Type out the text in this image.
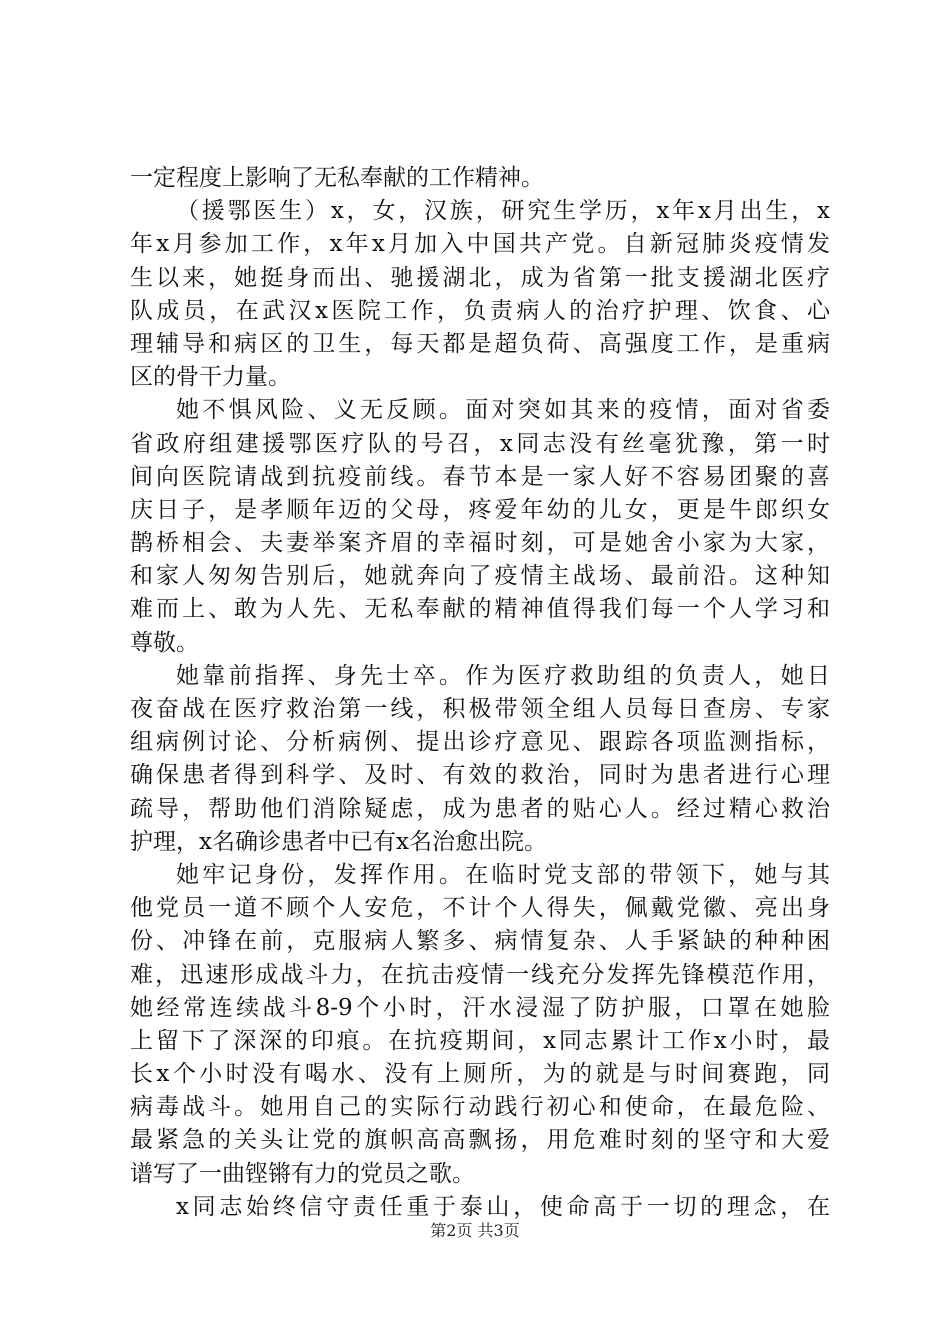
一定程度上影响了无私奉献的工作精神。
（援鄂医生）x，女，汉族，研究生学历，x年x月出生，x
年x月参加工作，x年x月加入中国共产党。自新冠肺炎疫情发
生以来，她挺身而出、驰援湖北，成为省第一批支援湖北医疗
队成员，在武汉x医院工作，负责病人的治疗护理、饮食、心
理辅导和病区的卫生，每天都是超负荷、高强度工作，是重病
区的骨干力量。
她不惧风险、义无反顾。面对突如其来的疫情，面对省委
省政府组建援鄂医疗队的号召，x同志没有丝毫犹豫，第一时
间向医院请战到抗疫前线。春节本是一家人好不容易团聚的喜
庆日子，是孝顺年迈的父母，疼爱年幼的儿女，更是牛郎织女
鹊桥相会、夫妻举案齐眉的幸福时刻，可是她舍小家为大家，
和家人匆匆告别后，她就奔向了疫情主战场、最前沿。这种知
难而上、敢为人先、无私奉献的精神值得我们每一个人学习和
尊敬。
她靠前指挥、身先士卒。作为医疗救助组的负责人，她日
夜奋战在医疗救治第一线，积极带领全组人员每日查房、专家
组病例讨论、分析病例、提出诊疗意见、跟踪各项监测指标，
确保患者得到科学、及时、有效的救治，同时为患者进行心理
疏导，帮助他们消除疑虑，成为患者的贴心人。经过精心救治
护理，x名确诊患者中已有x名治愈出院。
她牢记身份，发挥作用。在临时党支部的带领下，她与其
他党员一道不顾个人安危，不计个人得失，佩戴党徽、亮出身
份、冲锋在前，克服病人繁多、病情复杂、人手紧缺的种种困
难，迅速形成战斗力，在抗击疫情一线充分发挥先锋模范作用，
她经常连续战斗8-9个小时，汗水浸湿了防护服，口罩在她脸
上留下了深深的印痕。在抗疫期间，x同志累计工作x小时，最
长x个小时没有喝水、没有上厕所，为的就是与时间赛跑，同
病毒战斗。她用自己的实际行动践行初心和使命，在最危险、
最紧急的关头让党的旗帜高高飘扬，用危难时刻的坚守和大爱
谱写了一曲铿锵有力的党员之歌。
x同志始终信守责任重于泰山，使命高于一切的理念，在
第2页 共3页
